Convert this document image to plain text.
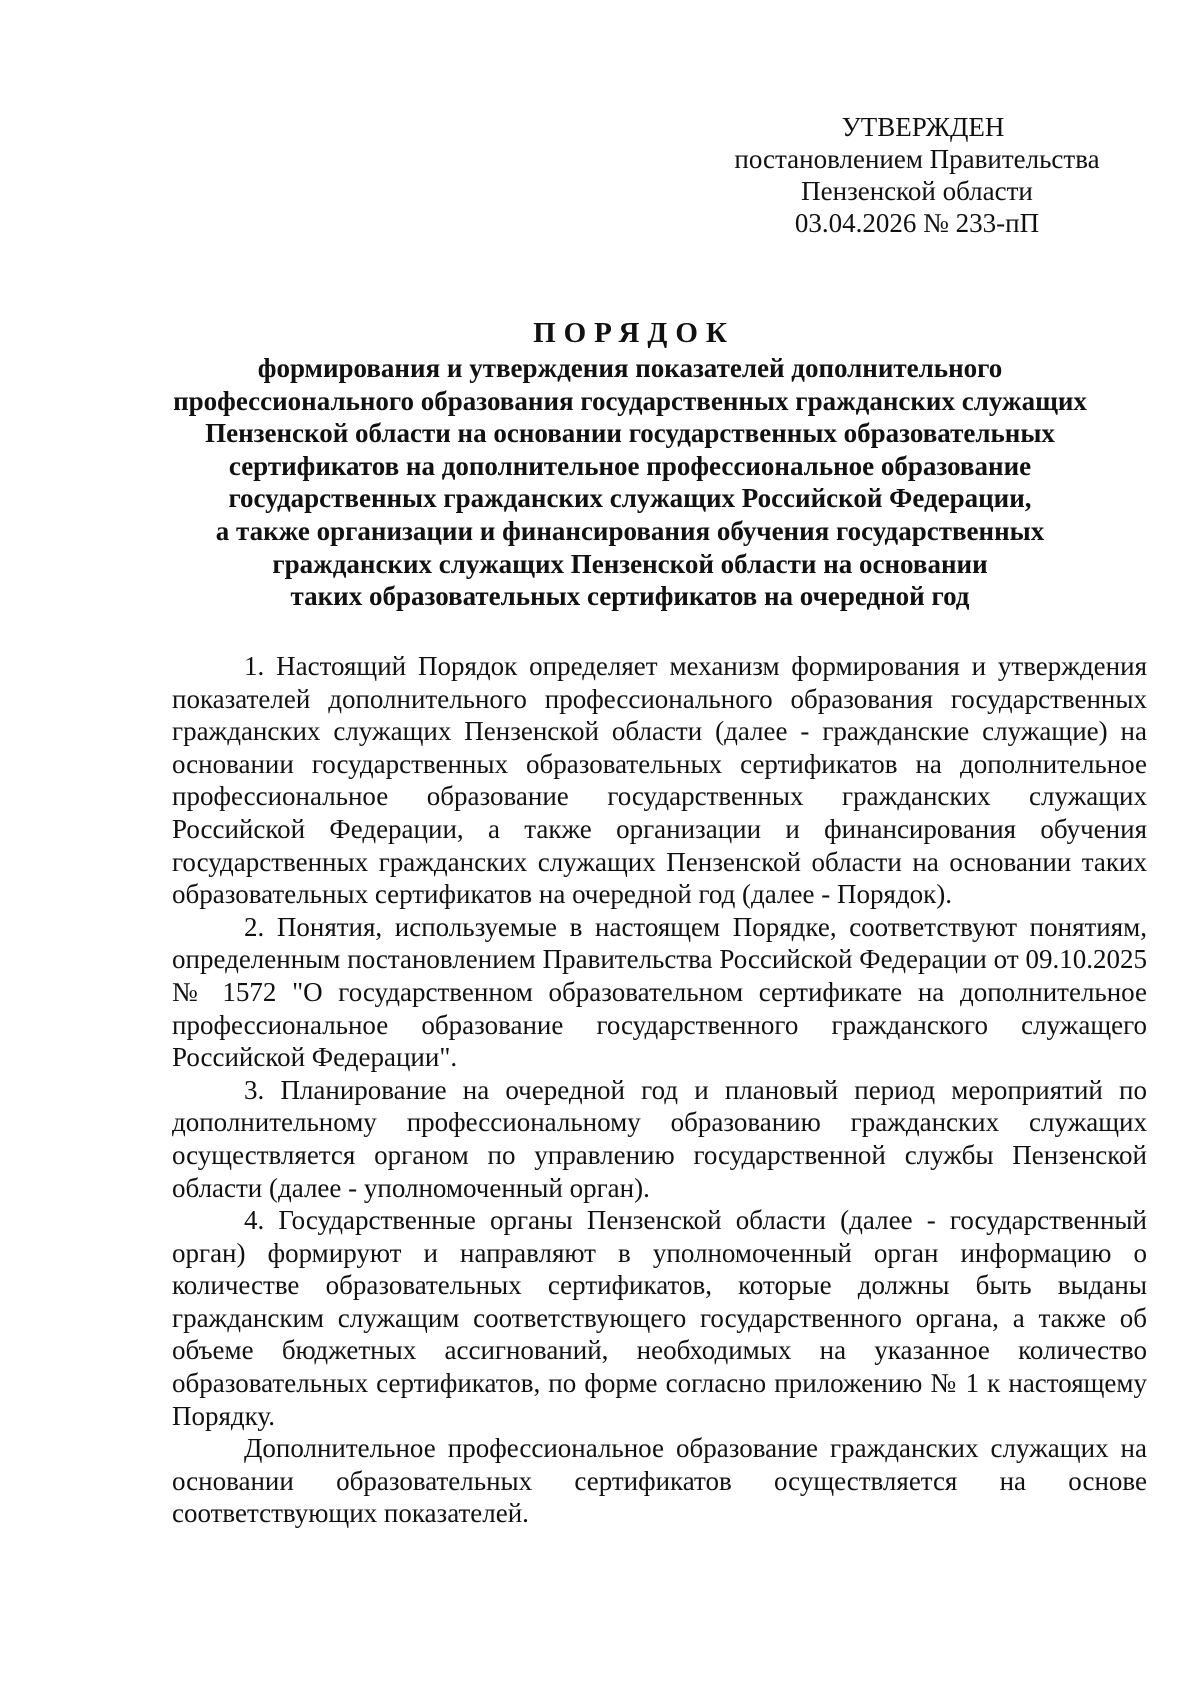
УТВЕРЖДЕН
постановлением Правительства
Пензенской области
03.04.2026 № 233-пП
ПОРЯДОК
формирования и утверждения показателей дополнительного
профессионального образования государственных гражданских служащих
Пензенской области на основании государственных образовательных
сертификатов на дополнительное профессиональное образование
государственных гражданских служащих Российской Федерации,
а также организации и финансирования обучения государственных
гражданских служащих Пензенской области на основании
таких образовательных сертификатов на очередной год

1. Настоящий Порядок определяет механизм формирования и утверждения показателей дополнительного профессионального образования государственных гражданских служащих Пензенской области (далее - гражданские служащие) на основании государственных образовательных сертификатов на дополнительное профессиональное образование государственных гражданских служащих Российской Федерации, а также организации и финансирования обучения государственных гражданских служащих Пензенской области на основании таких образовательных сертификатов на очередной год (далее - Порядок).

2. Понятия, используемые в настоящем Порядке, соответствуют понятиям, определенным постановлением Правительства Российской Федерации от 09.10.2025 № 1572 "О государственном образовательном сертификате на дополнительное профессиональное образование государственного гражданского служащего Российской Федерации".

3. Планирование на очередной год и плановый период мероприятий по дополнительному профессиональному образованию гражданских служащих осуществляется органом по управлению государственной службы Пензенской области (далее - уполномоченный орган).

4. Государственные органы Пензенской области (далее - государственный орган) формируют и направляют в уполномоченный орган информацию о количестве образовательных сертификатов, которые должны быть выданы гражданским служащим соответствующего государственного органа, а также об объеме бюджетных ассигнований, необходимых на указанное количество образовательных сертификатов, по форме согласно приложению № 1 к настоящему Порядку.

Дополнительное профессиональное образование гражданских служащих на основании образовательных сертификатов осуществляется на основе соответствующих показателей.
